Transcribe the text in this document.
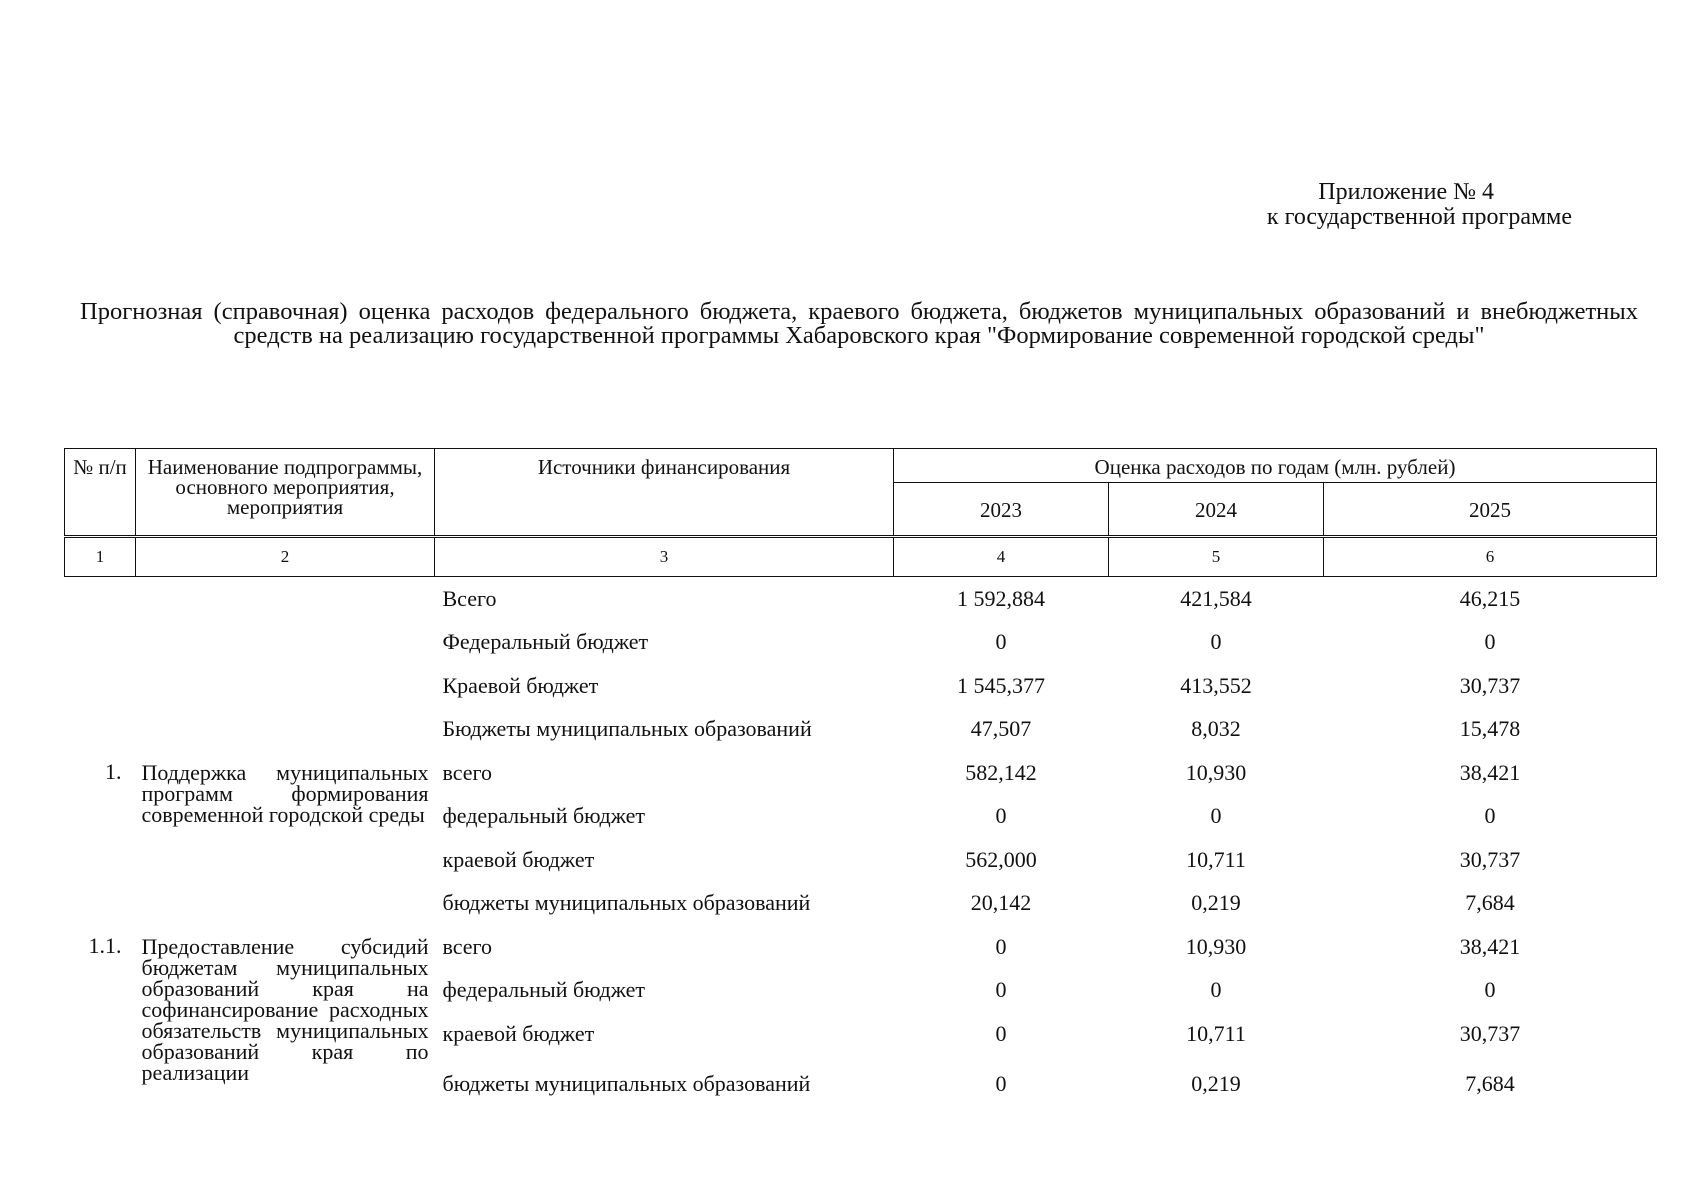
Приложение № 4
к государственной программе
Прогнозная (справочная) оценка расходов федерального бюджета, краевого бюджета, бюджетов муниципальных образований и внебюджетных средств на реализацию государственной программы Хабаровского края "Формирование современной городской среды"
№ п/п	Наименование подпрограммы, основного мероприятия, мероприятия	Источники финансирования	Оценка расходов по годам (млн. рублей)		
			2023	2024	2025
1	2	3	4	5	6
		Всего	1 592,884	421,584	46,215
		Федеральный бюджет	0	0	0
		Краевой бюджет	1 545,377	413,552	30,737
		Бюджеты муниципальных образований	47,507	8,032	15,478
1.	Поддержка муниципальных программ формирования современной городской среды	всего	582,142	10,930	38,421
		федеральный бюджет	0	0	0
		краевой бюджет	562,000	10,711	30,737
		бюджеты муниципальных образований	20,142	0,219	7,684
1.1.	Предоставление субсидий бюджетам муниципальных образований края на софинансирование расходных обязательств муниципальных образований края по реализации	всего	0	10,930	38,421
		федеральный бюджет	0	0	0
		краевой бюджет	0	10,711	30,737
		бюджеты муниципальных образований	0	0,219	7,684
